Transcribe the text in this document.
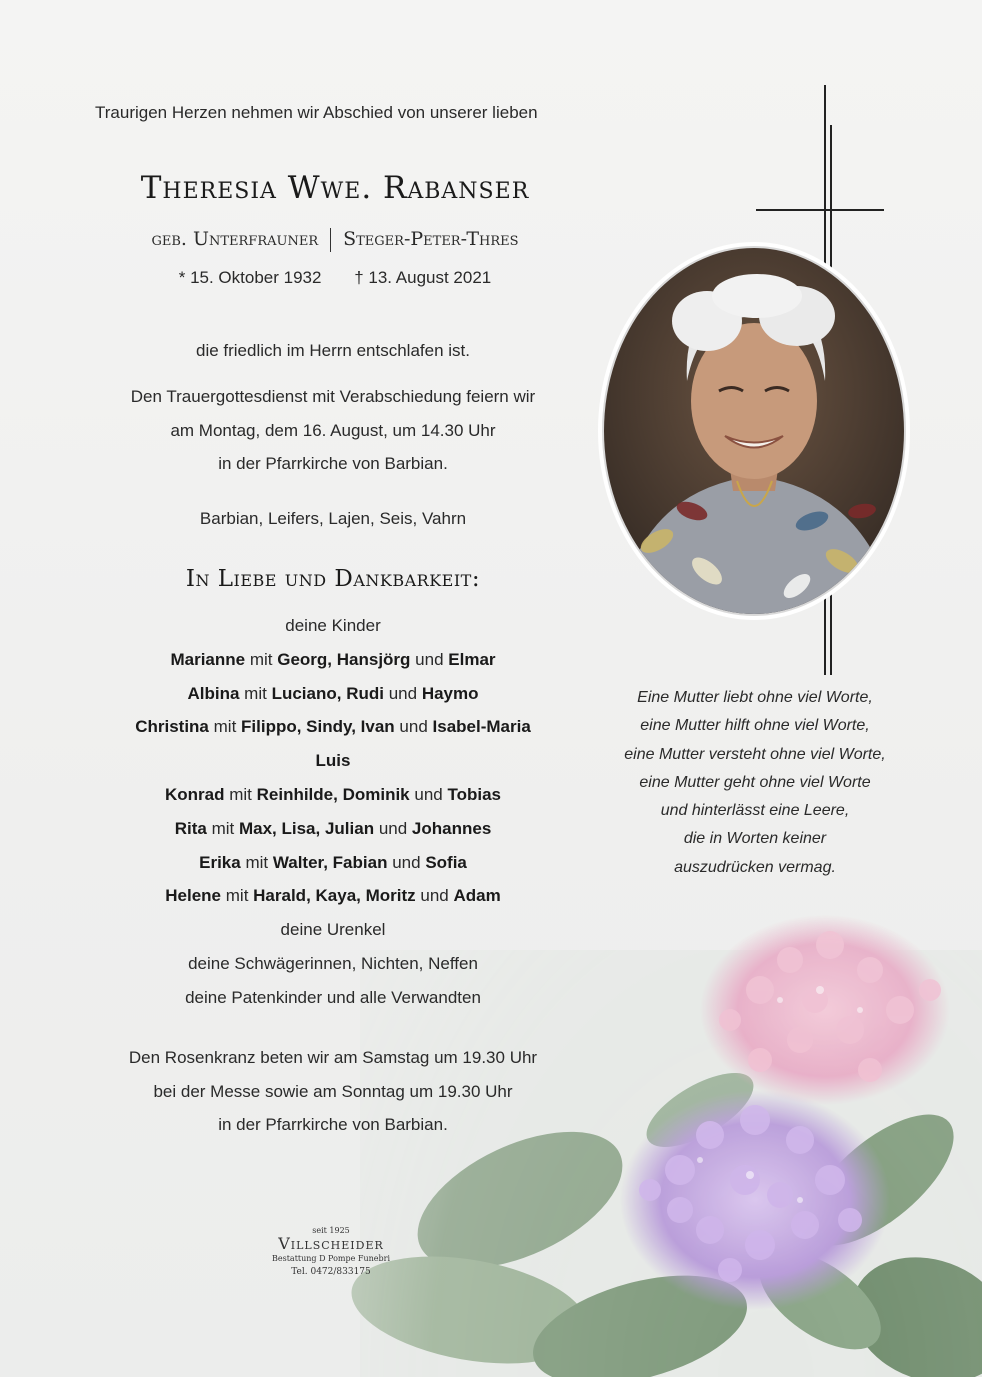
Traurigen Herzen nehmen wir Abschied von unserer lieben
Theresia Wwe. Rabanser
geb. Unterfrauner Steger-Peter-Thres
* 15. Oktober 1932 † 13. August 2021
die friedlich im Herrn entschlafen ist.
Den Trauergottesdienst mit Verabschiedung feiern wir
am Montag, dem 16. August, um 14.30 Uhr
in der Pfarrkirche von Barbian.
Barbian, Leifers, Lajen, Seis, Vahrn
In Liebe und Dankbarkeit:
deine Kinder
Marianne mit Georg, Hansjörg und Elmar
Albina mit Luciano, Rudi und Haymo
Christina mit Filippo, Sindy, Ivan und Isabel-Maria
Luis
Konrad mit Reinhilde, Dominik und Tobias
Rita mit Max, Lisa, Julian und Johannes
Erika mit Walter, Fabian und Sofia
Helene mit Harald, Kaya, Moritz und Adam
deine Urenkel
deine Schwägerinnen, Nichten, Neffen
deine Patenkinder und alle Verwandten
Den Rosenkranz beten wir am Samstag um 19.30 Uhr
bei der Messe sowie am Sonntag um 19.30 Uhr
in der Pfarrkirche von Barbian.
Eine Mutter liebt ohne viel Worte,
eine Mutter hilft ohne viel Worte,
eine Mutter versteht ohne viel Worte,
eine Mutter geht ohne viel Worte
und hinterlässt eine Leere,
die in Worten keiner
auszudrücken vermag.
seit 1925
Villscheider
Bestattung D Pompe Funebri
Tel. 0472/833175
